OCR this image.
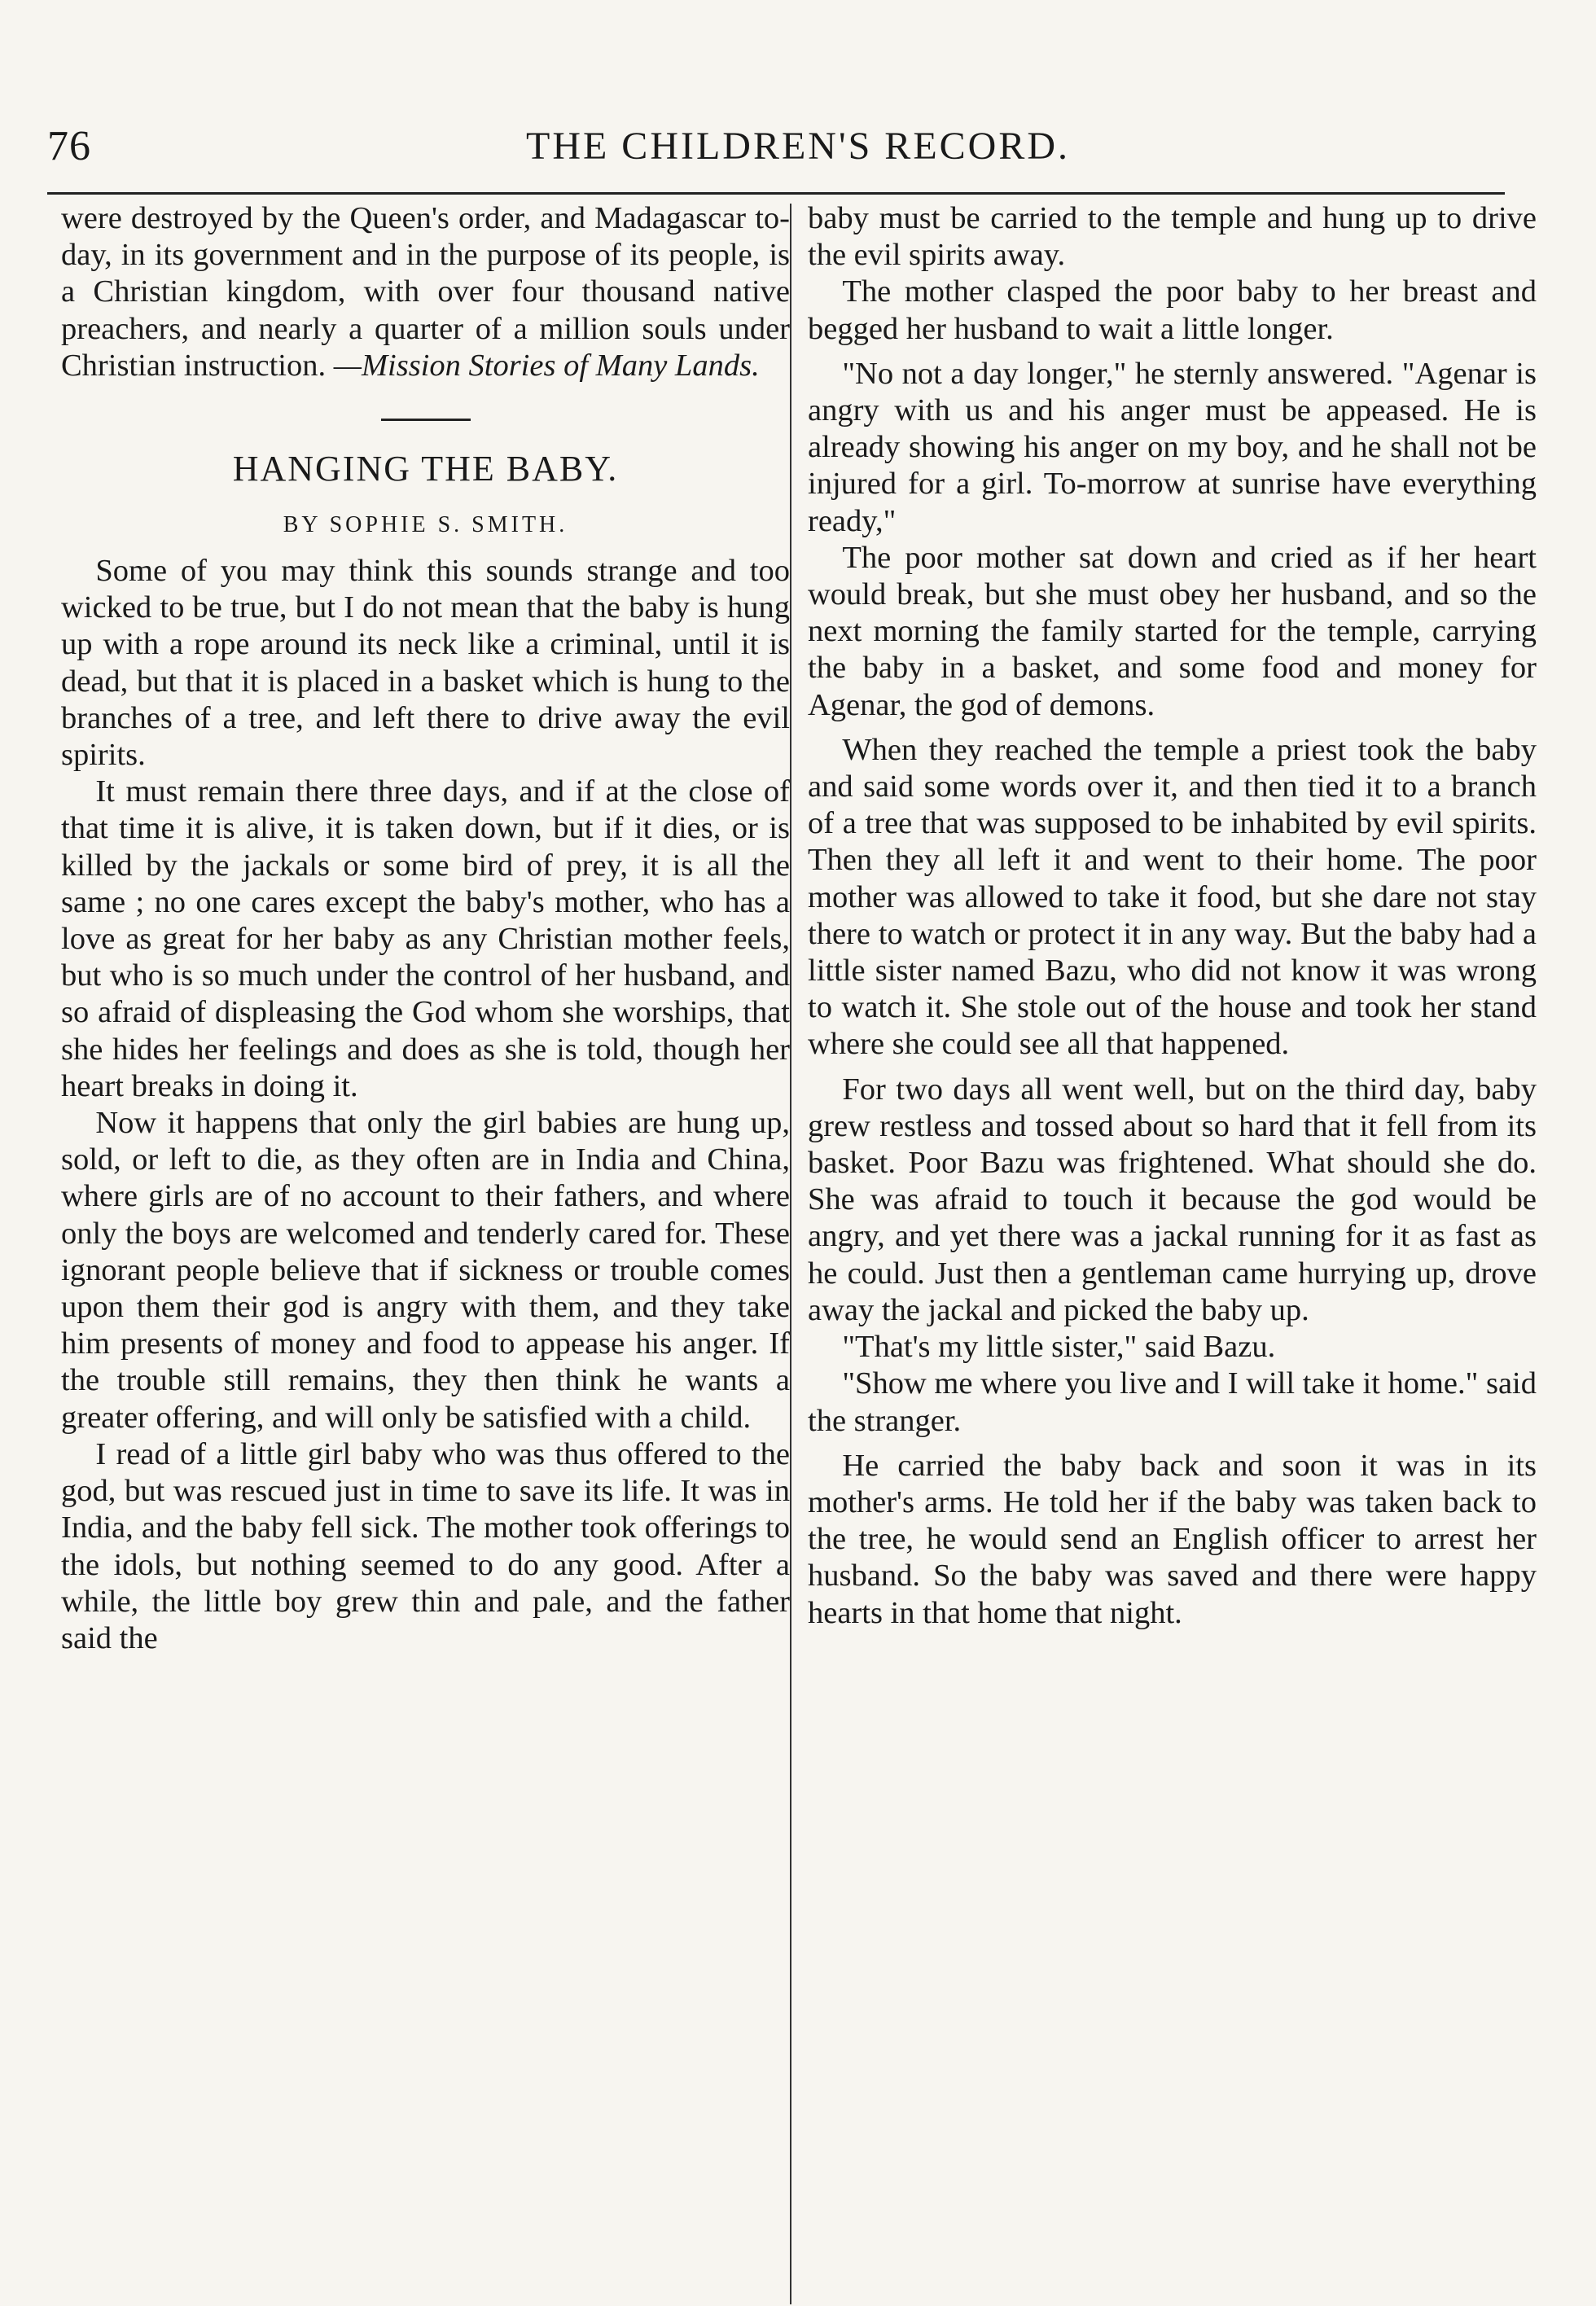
76	THE CHILDREN'S RECORD.

were destroyed by the Queen's order, and Madagascar to-day, in its government and in the purpose of its people, is a Christian kingdom, with over four thousand native preachers, and nearly a quarter of a million souls under Christian instruction. —Mission Stories of Many Lands.

HANGING THE BABY.
BY SOPHIE S. SMITH.

Some of you may think this sounds strange and too wicked to be true, but I do not mean that the baby is hung up with a rope around its neck like a criminal, until it is dead, but that it is placed in a basket which is hung to the branches of a tree, and left there to drive away the evil spirits.

It must remain there three days, and if at the close of that time it is alive, it is taken down, but if it dies, or is killed by the jackals or some bird of prey, it is all the same ; no one cares except the baby's mother, who has a love as great for her baby as any Christian mother feels, but who is so much under the control of her husband, and so afraid of displeasing the God whom she worships, that she hides her feelings and does as she is told, though her heart breaks in doing it.

Now it happens that only the girl babies are hung up, sold, or left to die, as they often are in India and China, where girls are of no account to their fathers, and where only the boys are welcomed and tenderly cared for. These ignorant people believe that if sickness or trouble comes upon them their god is angry with them, and they take him presents of money and food to appease his anger. If the trouble still remains, they then think he wants a greater offering, and will only be satisfied with a child.

I read of a little girl baby who was thus offered to the god, but was rescued just in time to save its life. It was in India, and the baby fell sick. The mother took offerings to the idols, but nothing seemed to do any good. After a while, the little boy grew thin and pale, and the father said the

baby must be carried to the temple and hung up to drive the evil spirits away.

The mother clasped the poor baby to her breast and begged her husband to wait a little longer.

"No not a day longer," he sternly answered. "Agenar is angry with us and his anger must be appeased. He is already showing his anger on my boy, and he shall not be injured for a girl. To-morrow at sunrise have everything ready,"

The poor mother sat down and cried as if her heart would break, but she must obey her husband, and so the next morning the family started for the temple, carrying the baby in a basket, and some food and money for Agenar, the god of demons.

When they reached the temple a priest took the baby and said some words over it, and then tied it to a branch of a tree that was supposed to be inhabited by evil spirits. Then they all left it and went to their home. The poor mother was allowed to take it food, but she dare not stay there to watch or protect it in any way. But the baby had a little sister named Bazu, who did not know it was wrong to watch it. She stole out of the house and took her stand where she could see all that happened.

For two days all went well, but on the third day, baby grew restless and tossed about so hard that it fell from its basket. Poor Bazu was frightened. What should she do. She was afraid to touch it because the god would be angry, and yet there was a jackal running for it as fast as he could. Just then a gentleman came hurrying up, drove away the jackal and picked the baby up.

"That's my little sister," said Bazu.

"Show me where you live and I will take it home." said the stranger.

He carried the baby back and soon it was in its mother's arms. He told her if the baby was taken back to the tree, he would send an English officer to arrest her husband. So the baby was saved and there were happy hearts in that home that night.
